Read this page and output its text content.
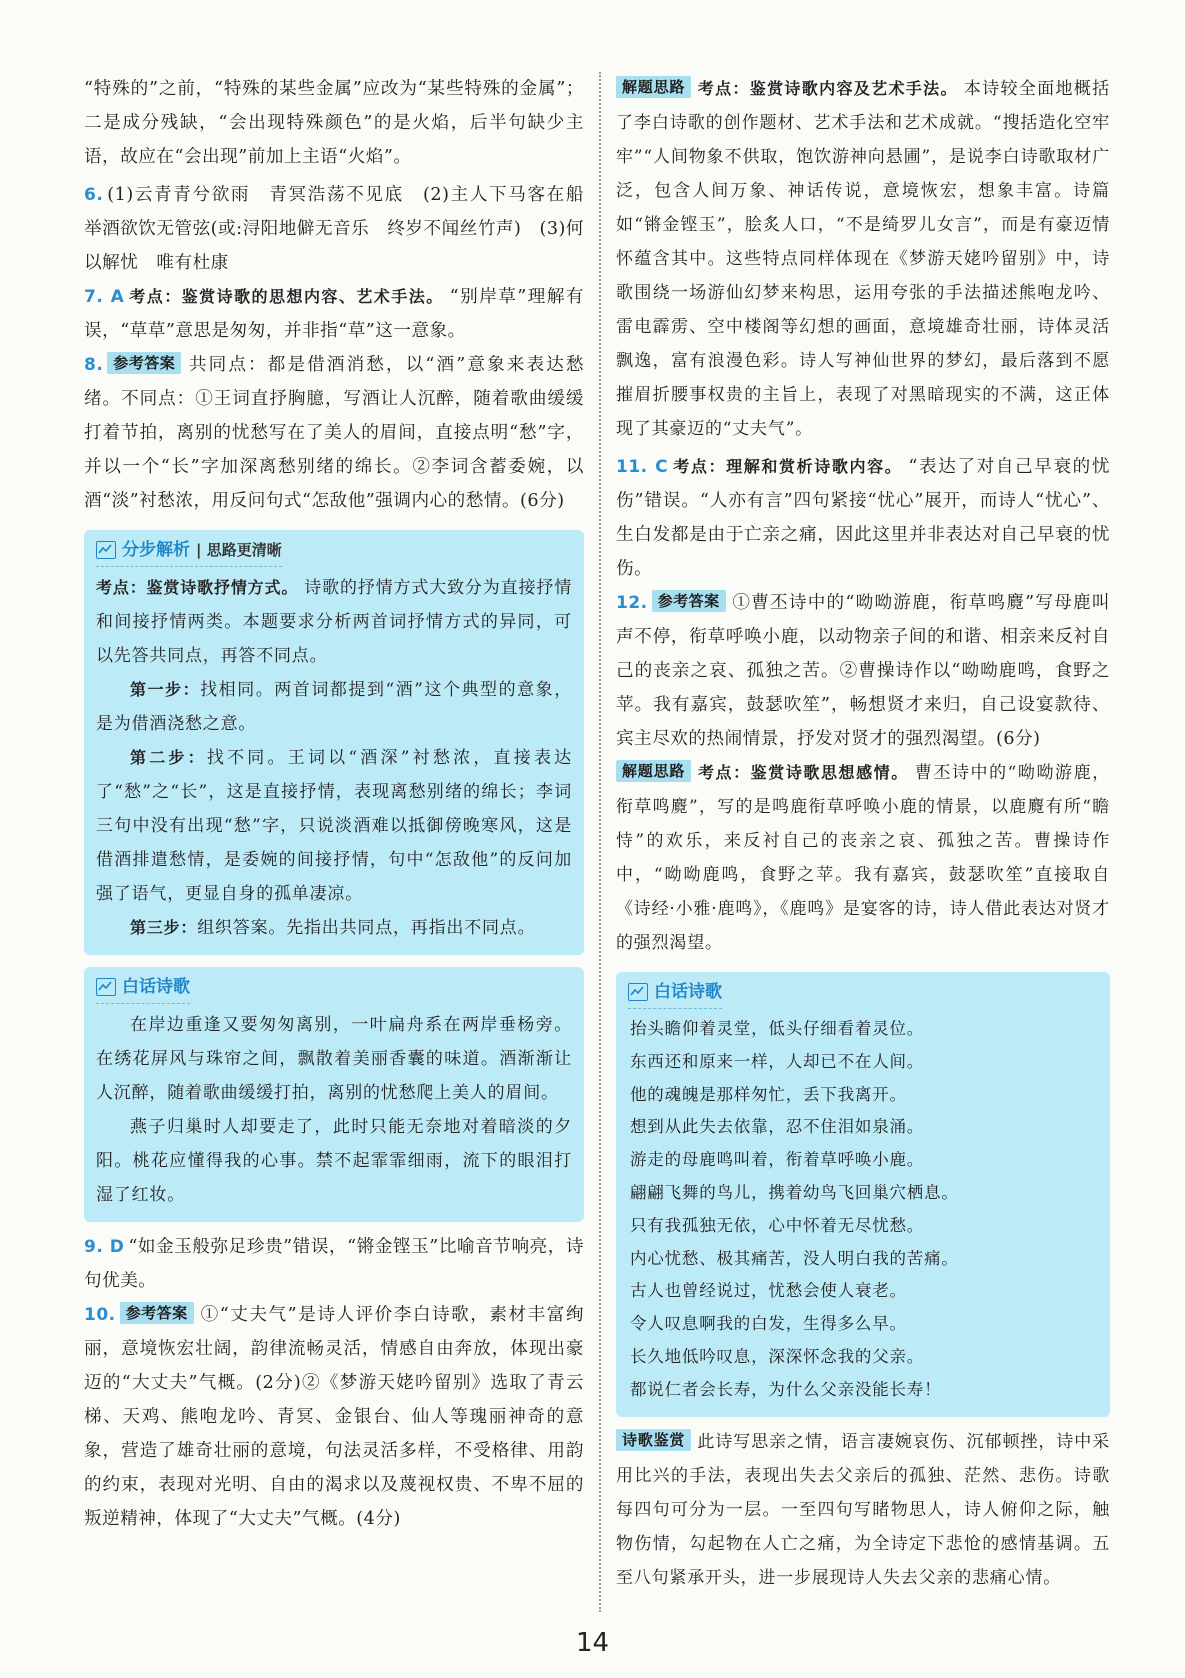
“特殊的”之前，“特殊的某些金属”应改为“某些特殊的金属”；二是成分残缺，“会出现特殊颜色”的是火焰，后半句缺少主语，故应在“会出现”前加上主语“火焰”。

6. (1)云青青兮欲雨　青冥浩荡不见底　(2)主人下马客在船　举酒欲饮无管弦(或:浔阳地僻无音乐　终岁不闻丝竹声)　(3)何以解忧　唯有杜康

7. A 考点：鉴赏诗歌的思想内容、艺术手法。 “别岸草”理解有误，“草草”意思是匆匆，并非指“草”这一意象。

8. 参考答案 共同点：都是借酒消愁，以“酒”意象来表达愁绪。不同点：①王词直抒胸臆，写酒让人沉醉，随着歌曲缓缓打着节拍，离别的忧愁写在了美人的眉间，直接点明“愁”字，并以一个“长”字加深离愁别绪的绵长。②李词含蓄委婉，以酒“淡”衬愁浓，用反问句式“怎敌他”强调内心的愁情。(6分)

分步解析 | 思路更清晰

考点：鉴赏诗歌抒情方式。 诗歌的抒情方式大致分为直接抒情和间接抒情两类。本题要求分析两首词抒情方式的异同，可以先答共同点，再答不同点。

第一步：找相同。两首词都提到“酒”这个典型的意象，是为借酒浇愁之意。

第二步：找不同。王词以“酒深”衬愁浓，直接表达了“愁”之“长”，这是直接抒情，表现离愁别绪的绵长；李词三句中没有出现“愁”字，只说淡酒难以抵御傍晚寒风，这是借酒排遣愁情，是委婉的间接抒情，句中“怎敌他”的反问加强了语气，更显自身的孤单凄凉。

第三步：组织答案。先指出共同点，再指出不同点。

白话诗歌

在岸边重逢又要匆匆离别，一叶扁舟系在两岸垂杨旁。在绣花屏风与珠帘之间，飘散着美丽香囊的味道。酒渐渐让人沉醉，随着歌曲缓缓打拍，离别的忧愁爬上美人的眉间。

燕子归巢时人却要走了，此时只能无奈地对着暗淡的夕阳。桃花应懂得我的心事。禁不起霏霏细雨，流下的眼泪打湿了红妆。

9. D “如金玉般弥足珍贵”错误，“锵金铿玉”比喻音节响亮，诗句优美。

10. 参考答案 ①“丈夫气”是诗人评价李白诗歌，素材丰富绚丽，意境恢宏壮阔，韵律流畅灵活，情感自由奔放，体现出豪迈的“大丈夫”气概。(2分)②《梦游天姥吟留别》选取了青云梯、天鸡、熊咆龙吟、青冥、金银台、仙人等瑰丽神奇的意象，营造了雄奇壮丽的意境，句法灵活多样，不受格律、用韵的约束，表现对光明、自由的渴求以及蔑视权贵、不卑不屈的叛逆精神，体现了“大丈夫”气概。(4分)

解题思路 考点：鉴赏诗歌内容及艺术手法。 本诗较全面地概括了李白诗歌的创作题材、艺术手法和艺术成就。“搜括造化空牢牢”“人间物象不供取，饱饮游神向悬圃”，是说李白诗歌取材广泛，包含人间万象、神话传说，意境恢宏，想象丰富。诗篇如“锵金铿玉”，脍炙人口，“不是绮罗儿女言”，而是有豪迈情怀蕴含其中。这些特点同样体现在《梦游天姥吟留别》中，诗歌围绕一场游仙幻梦来构思，运用夸张的手法描述熊咆龙吟、雷电霹雳、空中楼阁等幻想的画面，意境雄奇壮丽，诗体灵活飘逸，富有浪漫色彩。诗人写神仙世界的梦幻，最后落到不愿摧眉折腰事权贵的主旨上，表现了对黑暗现实的不满，这正体现了其豪迈的“丈夫气”。

11. C 考点：理解和赏析诗歌内容。 “表达了对自己早衰的忧伤”错误。“人亦有言”四句紧接“忧心”展开，而诗人“忧心”、生白发都是由于亡亲之痛，因此这里并非表达对自己早衰的忧伤。

12. 参考答案 ①曹丕诗中的“呦呦游鹿，衔草鸣麑”写母鹿叫声不停，衔草呼唤小鹿，以动物亲子间的和谐、相亲来反衬自己的丧亲之哀、孤独之苦。②曹操诗作以“呦呦鹿鸣，食野之苹。我有嘉宾，鼓瑟吹笙”，畅想贤才来归，自己设宴款待、宾主尽欢的热闹情景，抒发对贤才的强烈渴望。(6分)

解题思路 考点：鉴赏诗歌思想感情。 曹丕诗中的“呦呦游鹿，衔草鸣麑”，写的是鸣鹿衔草呼唤小鹿的情景，以鹿麑有所“瞻恃”的欢乐，来反衬自己的丧亲之哀、孤独之苦。曹操诗作中，“呦呦鹿鸣，食野之苹。我有嘉宾，鼓瑟吹笙”直接取自《诗经·小雅·鹿鸣》，《鹿鸣》是宴客的诗，诗人借此表达对贤才的强烈渴望。

白话诗歌

抬头瞻仰着灵堂，低头仔细看着灵位。

东西还和原来一样，人却已不在人间。

他的魂魄是那样匆忙，丢下我离开。

想到从此失去依靠，忍不住泪如泉涌。

游走的母鹿鸣叫着，衔着草呼唤小鹿。

翩翩飞舞的鸟儿，携着幼鸟飞回巢穴栖息。

只有我孤独无依，心中怀着无尽忧愁。

内心忧愁、极其痛苦，没人明白我的苦痛。

古人也曾经说过，忧愁会使人衰老。

令人叹息啊我的白发，生得多么早。

长久地低吟叹息，深深怀念我的父亲。

都说仁者会长寿，为什么父亲没能长寿！

诗歌鉴赏 此诗写思亲之情，语言凄婉哀伤、沉郁顿挫，诗中采用比兴的手法，表现出失去父亲后的孤独、茫然、悲伤。诗歌每四句可分为一层。一至四句写睹物思人，诗人俯仰之际，触物伤情，勾起物在人亡之痛，为全诗定下悲怆的感情基调。五至八句紧承开头，进一步展现诗人失去父亲的悲痛心情。

14
